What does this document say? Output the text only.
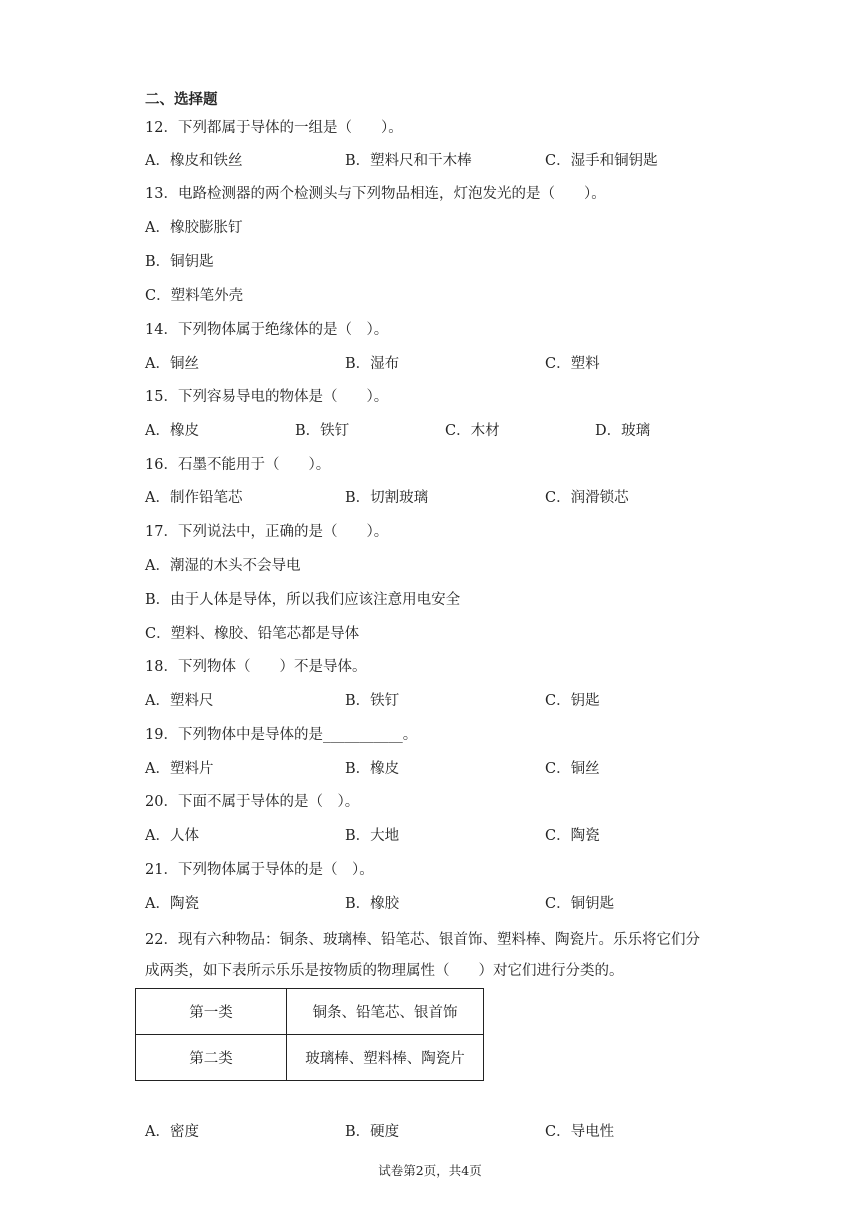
二、选择题
12．下列都属于导体的一组是（　　）。
A．橡皮和铁丝	B．塑料尺和干木棒	C．湿手和铜钥匙
13．电路检测器的两个检测头与下列物品相连，灯泡发光的是（　　）。
A．橡胶膨胀钉
B．铜钥匙
C．塑料笔外壳
14．下列物体属于绝缘体的是（　）。
A．铜丝	B．湿布	C．塑料
15．下列容易导电的物体是（　　）。
A．橡皮	B．铁钉	C．木材	D．玻璃
16．石墨不能用于（　　）。
A．制作铅笔芯	B．切割玻璃	C．润滑锁芯
17．下列说法中，正确的是（　　）。
A．潮湿的木头不会导电
B．由于人体是导体，所以我们应该注意用电安全
C．塑料、橡胶、铅笔芯都是导体
18．下列物体（　　）不是导体。
A．塑料尺	B．铁钉	C．钥匙
19．下列物体中是导体的是___________。
A．塑料片	B．橡皮	C．铜丝
20．下面不属于导体的是（　）。
A．人体	B．大地	C．陶瓷
21．下列物体属于导体的是（　）。
A．陶瓷	B．橡胶	C．铜钥匙
22．现有六种物品：铜条、玻璃棒、铅笔芯、银首饰、塑料棒、陶瓷片。乐乐将它们分
成两类，如下表所示乐乐是按物质的物理属性（　　）对它们进行分类的。
第一类	铜条、铅笔芯、银首饰
第二类	玻璃棒、塑料棒、陶瓷片
A．密度	B．硬度	C．导电性
试卷第2页，共4页
